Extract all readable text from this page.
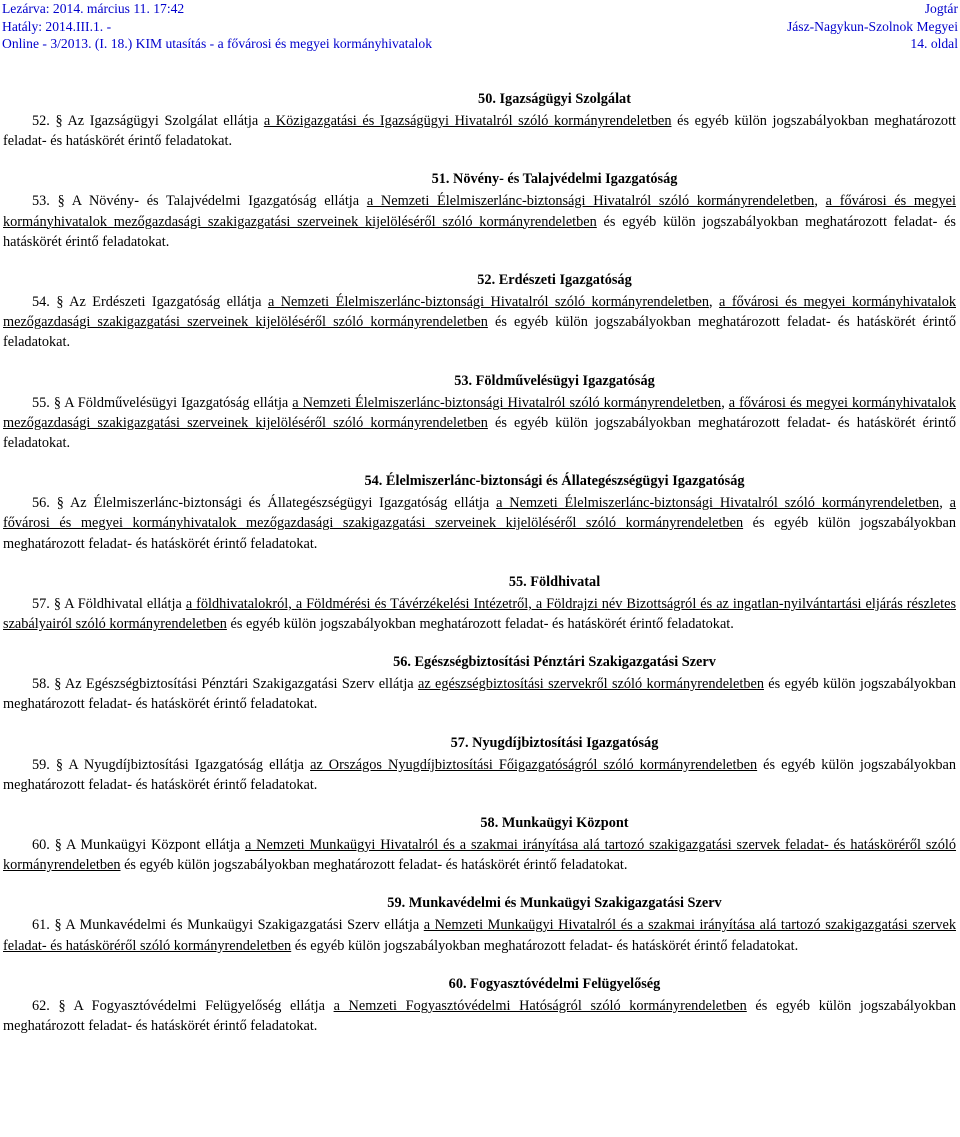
Lezárva: 2014. március 11. 17:42	Jogtár
Hatály: 2014.III.1. -	Jász-Nagykun-Szolnok Megyei
Online - 3/2013. (I. 18.) KIM utasítás - a fővárosi és megyei kormányhivatalok	14. oldal

50. Igazságügyi Szolgálat

52. § Az Igazságügyi Szolgálat ellátja a Közigazgatási és Igazságügyi Hivatalról szóló kormányrendeletben és egyéb külön jogszabályokban meghatározott feladat- és hatáskörét érintő feladatokat.

51. Növény- és Talajvédelmi Igazgatóság

53. § A Növény- és Talajvédelmi Igazgatóság ellátja a Nemzeti Élelmiszerlánc-biztonsági Hivatalról szóló kormányrendeletben, a fővárosi és megyei kormányhivatalok mezőgazdasági szakigazgatási szerveinek kijelöléséről szóló kormányrendeletben és egyéb külön jogszabályokban meghatározott feladat- és hatáskörét érintő feladatokat.

52. Erdészeti Igazgatóság

54. § Az Erdészeti Igazgatóság ellátja a Nemzeti Élelmiszerlánc-biztonsági Hivatalról szóló kormányrendeletben, a fővárosi és megyei kormányhivatalok mezőgazdasági szakigazgatási szerveinek kijelöléséről szóló kormányrendeletben és egyéb külön jogszabályokban meghatározott feladat- és hatáskörét érintő feladatokat.

53. Földművelésügyi Igazgatóság

55. § A Földművelésügyi Igazgatóság ellátja a Nemzeti Élelmiszerlánc-biztonsági Hivatalról szóló kormányrendeletben, a fővárosi és megyei kormányhivatalok mezőgazdasági szakigazgatási szerveinek kijelöléséről szóló kormányrendeletben és egyéb külön jogszabályokban meghatározott feladat- és hatáskörét érintő feladatokat.

54. Élelmiszerlánc-biztonsági és Állategészségügyi Igazgatóság

56. § Az Élelmiszerlánc-biztonsági és Állategészségügyi Igazgatóság ellátja a Nemzeti Élelmiszerlánc-biztonsági Hivatalról szóló kormányrendeletben, a fővárosi és megyei kormányhivatalok mezőgazdasági szakigazgatási szerveinek kijelöléséről szóló kormányrendeletben és egyéb külön jogszabályokban meghatározott feladat- és hatáskörét érintő feladatokat.

55. Földhivatal

57. § A Földhivatal ellátja a földhivatalokról, a Földmérési és Távérzékelési Intézetről, a Földrajzi név Bizottságról és az ingatlan-nyilvántartási eljárás részletes szabályairól szóló kormányrendeletben és egyéb külön jogszabályokban meghatározott feladat- és hatáskörét érintő feladatokat.

56. Egészségbiztosítási Pénztári Szakigazgatási Szerv

58. § Az Egészségbiztosítási Pénztári Szakigazgatási Szerv ellátja az egészségbiztosítási szervekről szóló kormányrendeletben és egyéb külön jogszabályokban meghatározott feladat- és hatáskörét érintő feladatokat.

57. Nyugdíjbiztosítási Igazgatóság

59. § A Nyugdíjbiztosítási Igazgatóság ellátja az Országos Nyugdíjbiztosítási Főigazgatóságról szóló kormányrendeletben és egyéb külön jogszabályokban meghatározott feladat- és hatáskörét érintő feladatokat.

58. Munkaügyi Központ

60. § A Munkaügyi Központ ellátja a Nemzeti Munkaügyi Hivatalról és a szakmai irányítása alá tartozó szakigazgatási szervek feladat- és hatásköréről szóló kormányrendeletben és egyéb külön jogszabályokban meghatározott feladat- és hatáskörét érintő feladatokat.

59. Munkavédelmi és Munkaügyi Szakigazgatási Szerv

61. § A Munkavédelmi és Munkaügyi Szakigazgatási Szerv ellátja a Nemzeti Munkaügyi Hivatalról és a szakmai irányítása alá tartozó szakigazgatási szervek feladat- és hatásköréről szóló kormányrendeletben és egyéb külön jogszabályokban meghatározott feladat- és hatáskörét érintő feladatokat.

60. Fogyasztóvédelmi Felügyelőség

62. § A Fogyasztóvédelmi Felügyelőség ellátja a Nemzeti Fogyasztóvédelmi Hatóságról szóló kormányrendeletben és egyéb külön jogszabályokban meghatározott feladat- és hatáskörét érintő feladatokat.
